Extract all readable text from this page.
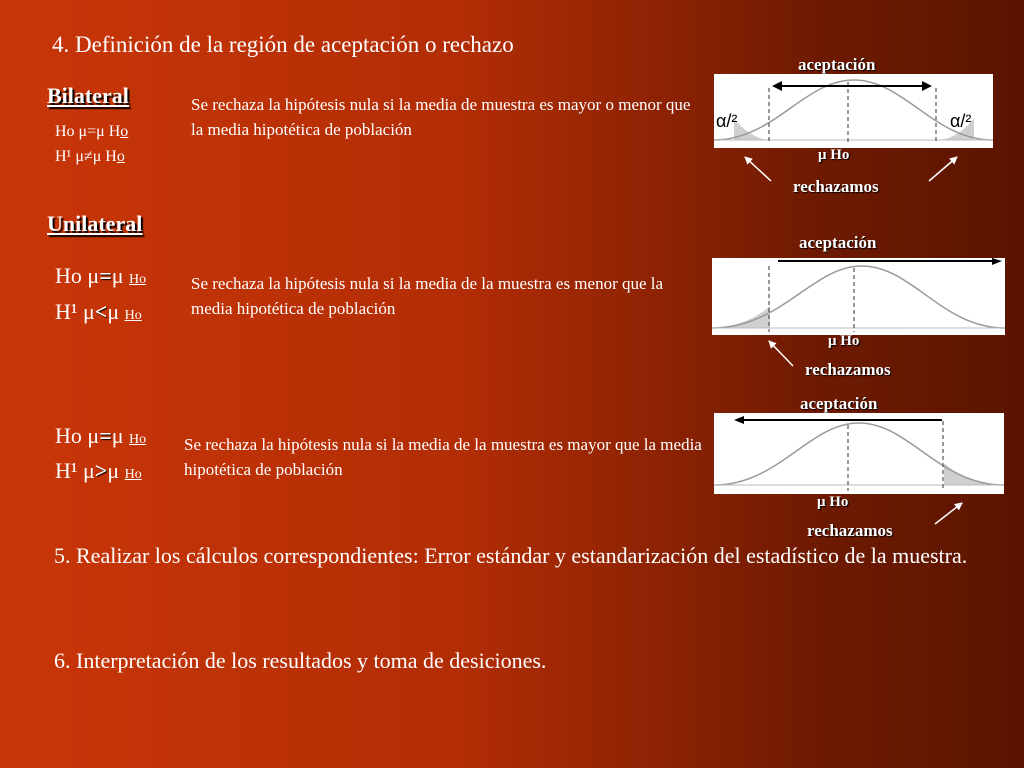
4. Definición de la región de aceptación o rechazo
Bilateral
Ho μ=μ Ho
H¹ μ≠μ Ho
Se rechaza la hipótesis nula si la media de muestra es mayor o menor que la media hipotética de población
aceptación
α/²	α/²
μ Ho
rechazamos
Unilateral
Ho μ=μ Ho
H¹ μ<μ Ho
Se rechaza la hipótesis nula si la media de la muestra es menor que la media hipotética de población
aceptación
μ Ho
rechazamos
Ho μ=μ Ho
H¹ μ>μ Ho
Se rechaza la hipótesis nula si la media de la muestra es mayor que la media hipotética de población
aceptación
μ Ho
rechazamos
5. Realizar los cálculos correspondientes: Error estándar y estandarización del estadístico de la muestra.
6. Interpretación de los resultados y toma de desiciones.
